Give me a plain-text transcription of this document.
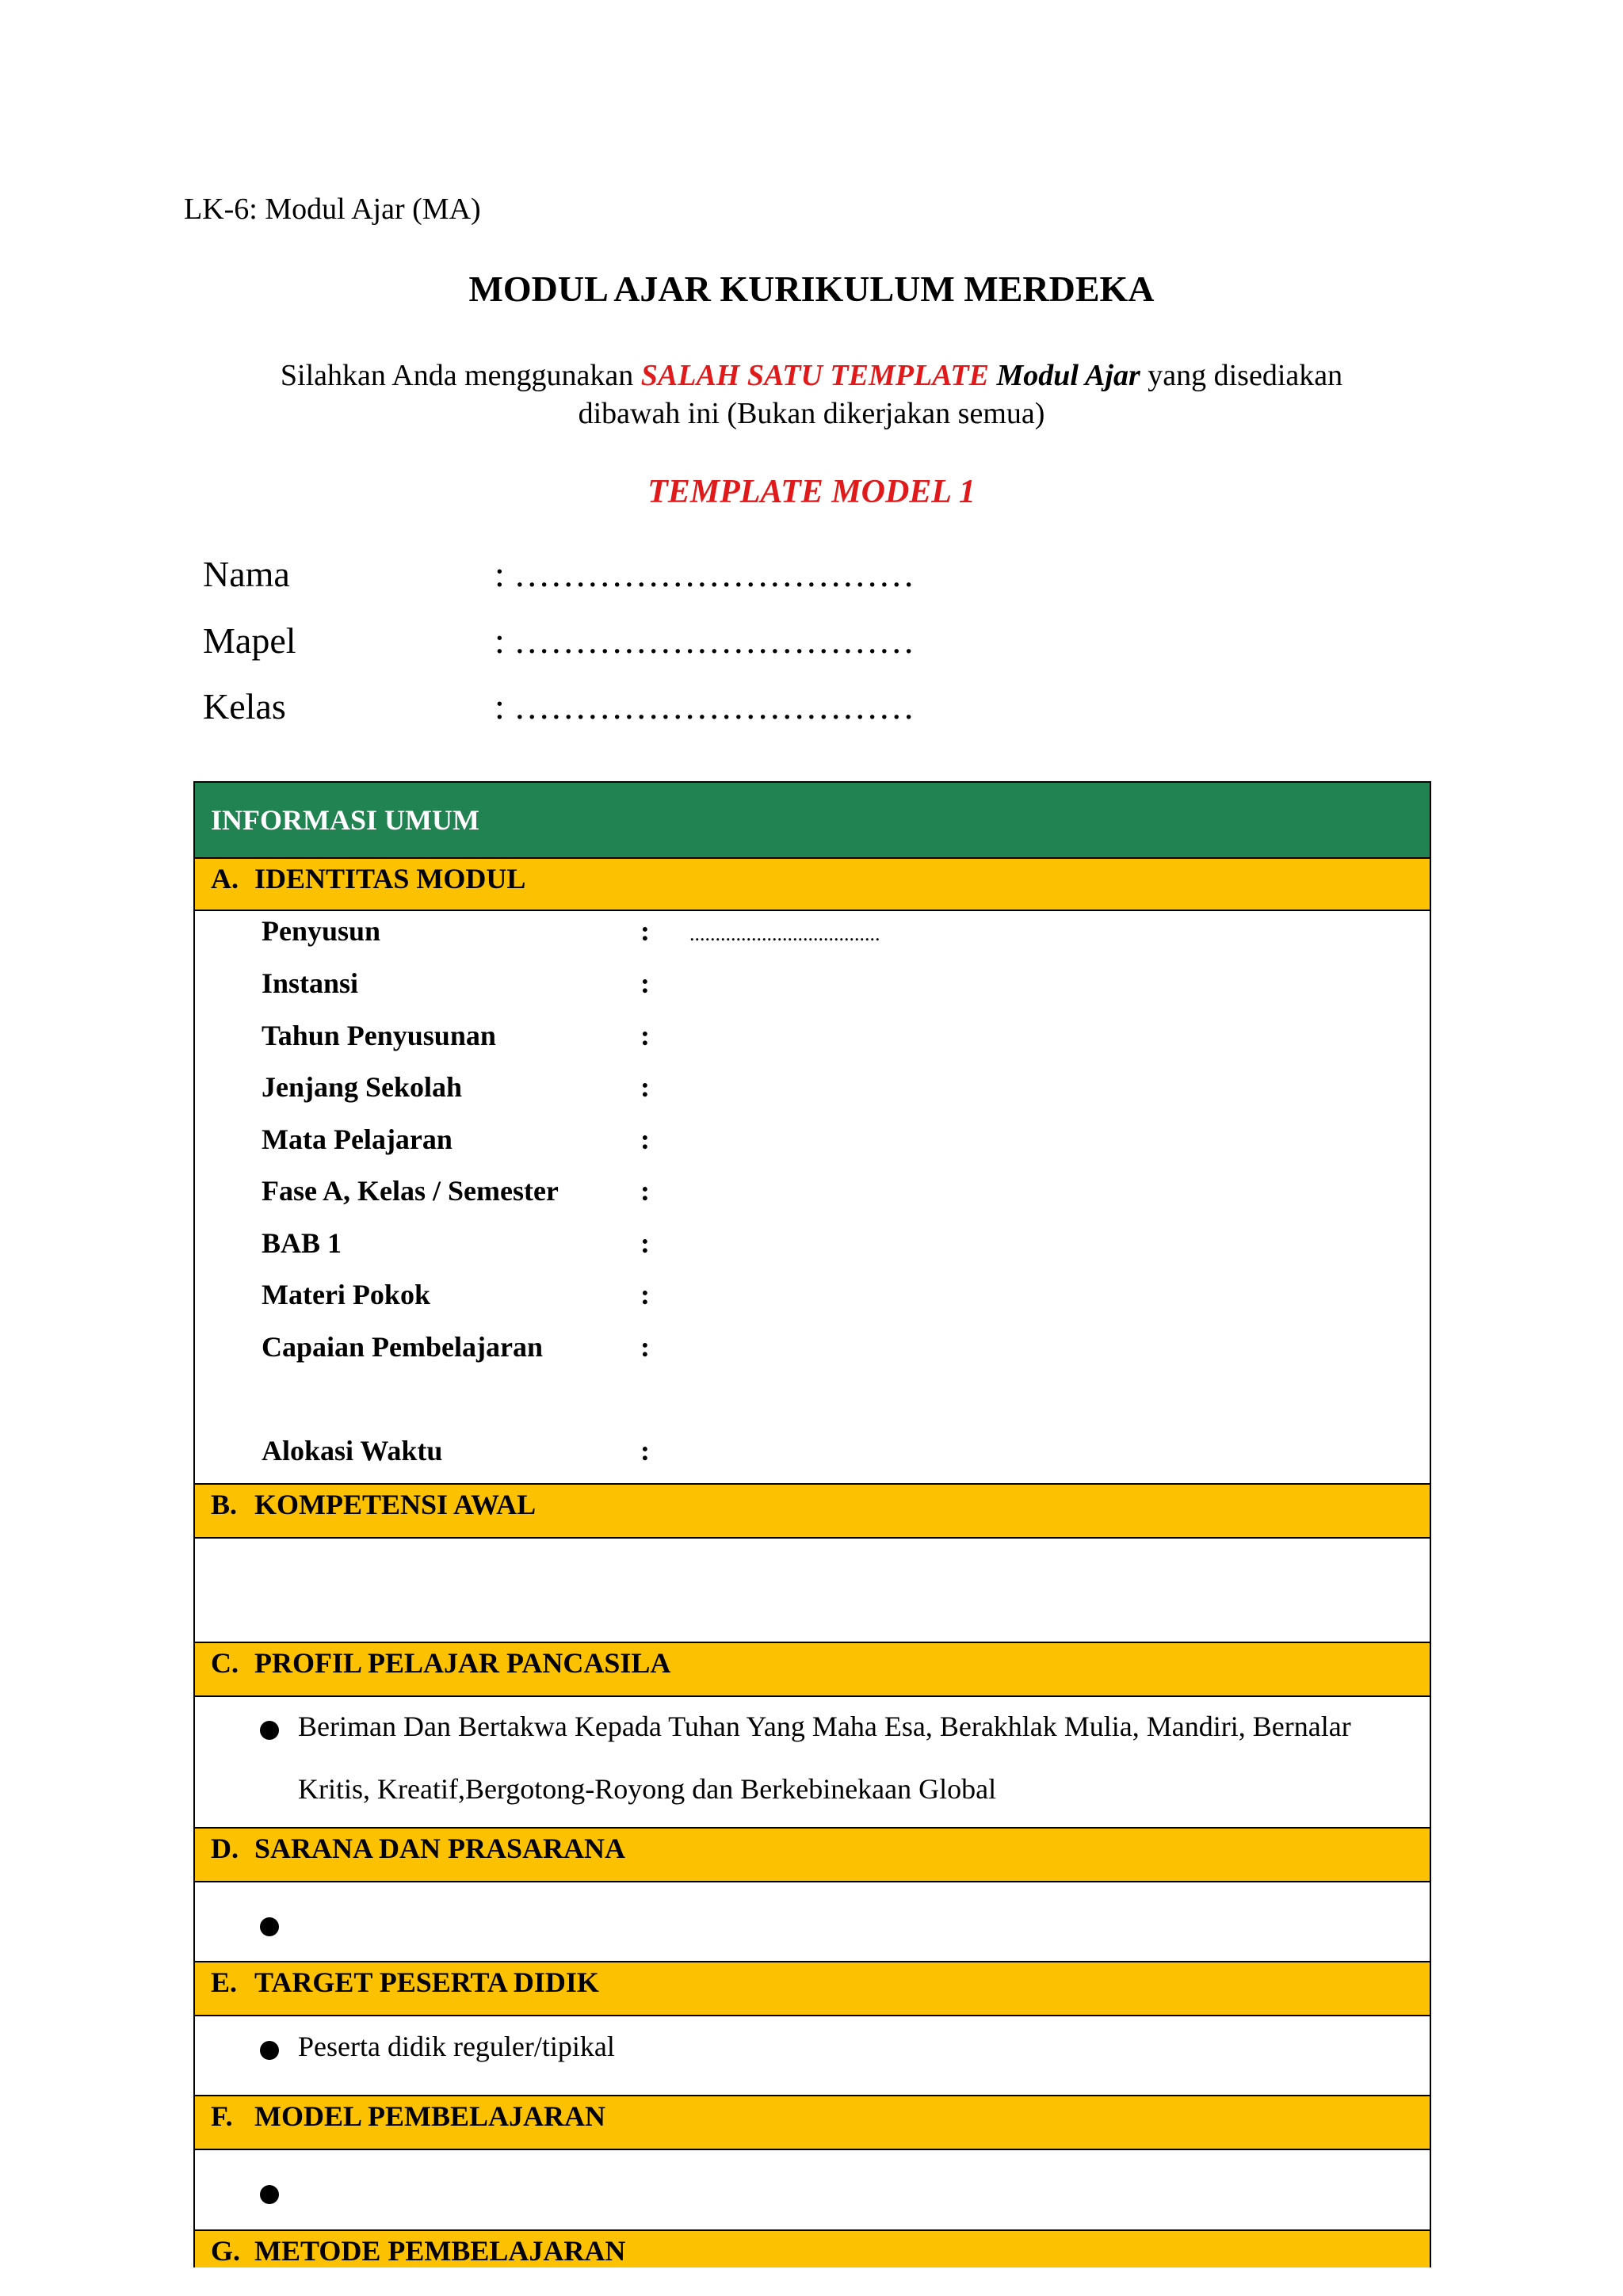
LK-6: Modul Ajar (MA)
MODUL AJAR KURIKULUM MERDEKA
Silahkan Anda menggunakan SALAH SATU TEMPLATE Modul Ajar yang disediakan
dibawah ini (Bukan dikerjakan semua)
TEMPLATE MODEL 1
Nama	: ……………………………
Mapel	: ……………………………
Kelas	: ……………………………
INFORMASI UMUM
A. IDENTITAS MODUL
Penyusun	: .....................................
Instansi	:
Tahun Penyusunan	:
Jenjang Sekolah	:
Mata Pelajaran	:
Fase A, Kelas / Semester	:
BAB 1	:
Materi Pokok	:
Capaian Pembelajaran	:
Alokasi Waktu	:
B. KOMPETENSI AWAL
C. PROFIL PELAJAR PANCASILA
Beriman Dan Bertakwa Kepada Tuhan Yang Maha Esa, Berakhlak Mulia, Mandiri, Bernalar
Kritis, Kreatif,Bergotong-Royong dan Berkebinekaan Global
D. SARANA DAN PRASARANA
E. TARGET PESERTA DIDIK
Peserta didik reguler/tipikal
F. MODEL PEMBELAJARAN
G. METODE PEMBELAJARAN
